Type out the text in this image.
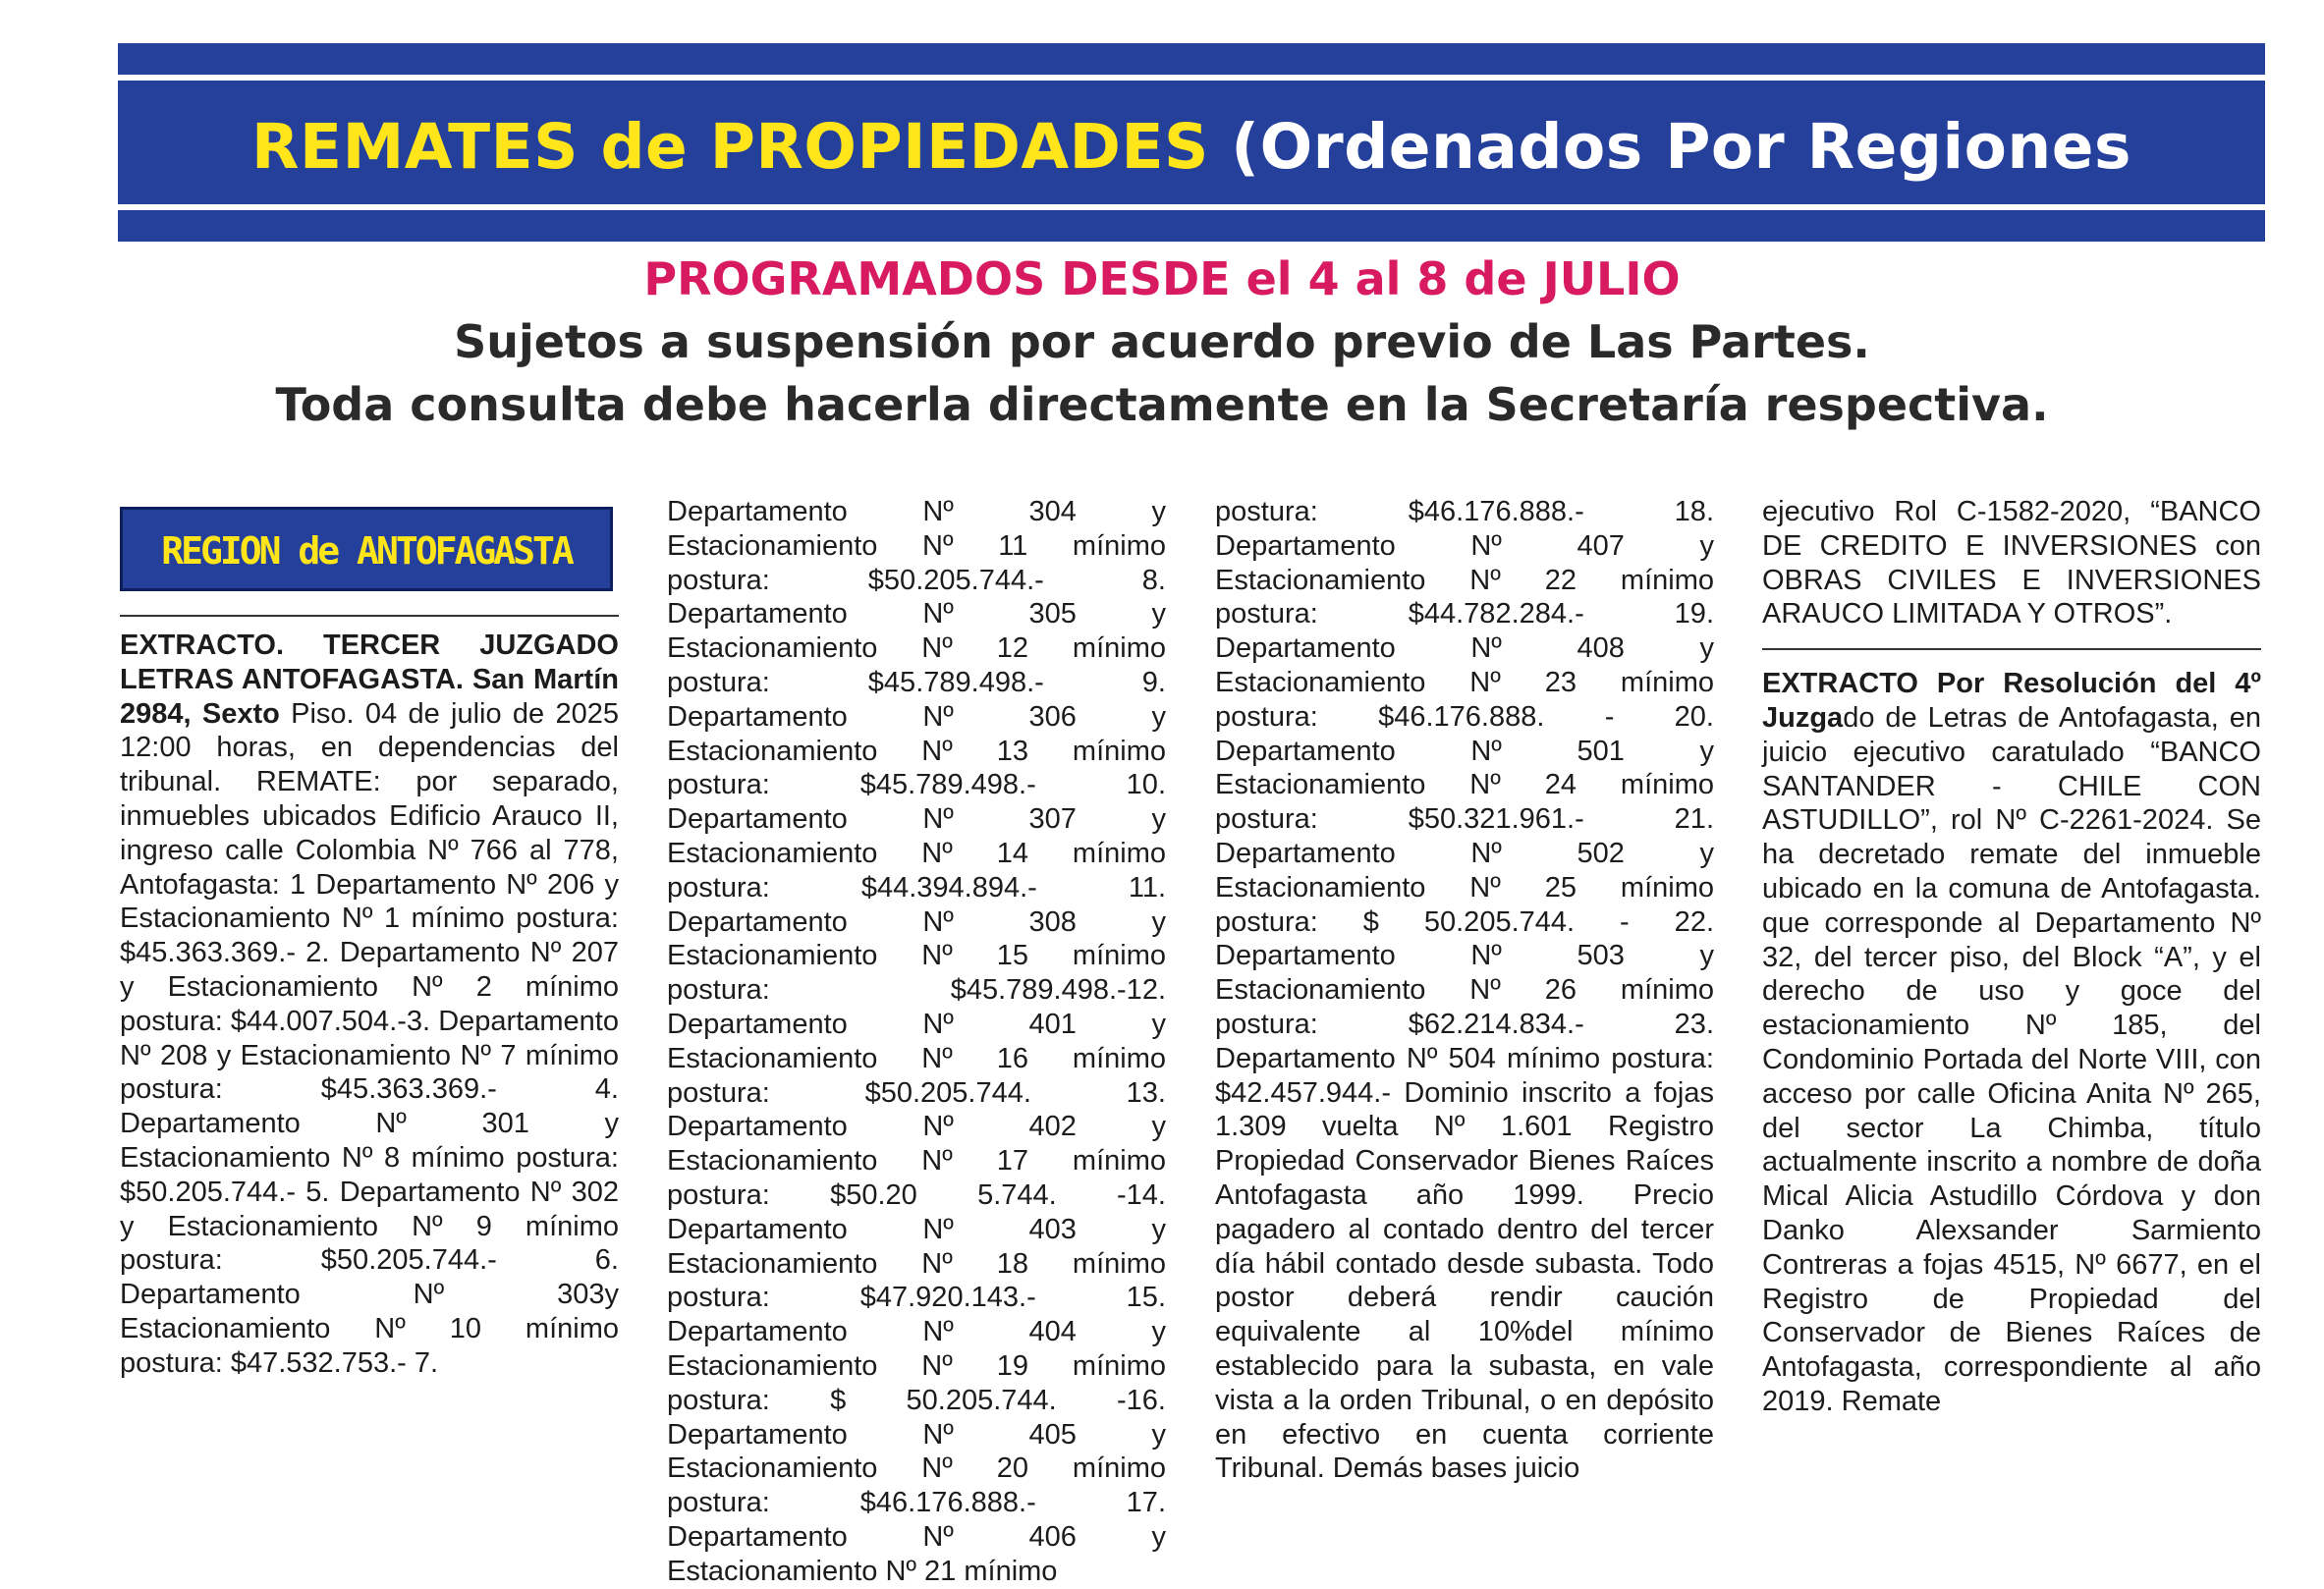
REMATES de PROPIEDADES (Ordenados Por Regiones
PROGRAMADOS DESDE el 4 al 8 de JULIO
Sujetos a suspensión por acuerdo previo de Las Partes.
Toda consulta debe hacerla directamente en la Secretaría respectiva.
REGION de ANTOFAGASTA

EXTRACTO. TERCER JUZGADO LETRAS ANTOFAGASTA. San Martín 2984, Sexto Piso. 04 de julio de 2025 12:00 horas, en dependencias del tribunal. REMATE: por separado, inmuebles ubicados Edificio Arauco II, ingreso calle Colombia Nº 766 al 778, Antofagasta: 1 Departamento Nº 206 y Estacionamiento Nº 1 mínimo postura: $45.363.369.- 2. Departamento Nº 207 y Estacionamiento Nº 2 mínimo postura: $44.007.504.-3. Departamento Nº 208 y Estacionamiento Nº 7 mínimo postura: $45.363.369.- 4. Departamento Nº 301 y Estacionamiento Nº 8 mínimo postura: $50.205.744.- 5. Departamento Nº 302 y Estacionamiento Nº 9 mínimo postura: $50.205.744.- 6. Departamento Nº 303y Estacionamiento Nº 10 mínimo postura: $47.532.753.- 7.

Departamento Nº 304 y Estacionamiento Nº 11 mínimo postura: $50.205.744.- 8. Departamento Nº 305 y Estacionamiento Nº 12 mínimo postura: $45.789.498.- 9. Departamento Nº 306 y Estacionamiento Nº 13 mínimo postura: $45.789.498.- 10. Departamento Nº 307 y Estacionamiento Nº 14 mínimo postura: $44.394.894.- 11. Departamento Nº 308 y Estacionamiento Nº 15 mínimo postura: $45.789.498.-12. Departamento Nº 401 y Estacionamiento Nº 16 mínimo postura: $50.205.744. 13. Departamento Nº 402 y Estacionamiento Nº 17 mínimo postura: $50.20 5.744. -14. Departamento Nº 403 y Estacionamiento Nº 18 mínimo postura: $47.920.143.- 15. Departamento Nº 404 y Estacionamiento Nº 19 mínimo postura: $ 50.205.744. -16. Departamento Nº 405 y Estacionamiento Nº 20 mínimo postura: $46.176.888.- 17. Departamento Nº 406 y Estacionamiento Nº 21 mínimo

postura: $46.176.888.- 18. Departamento Nº 407 y Estacionamiento Nº 22 mínimo postura: $44.782.284.- 19. Departamento Nº 408 y Estacionamiento Nº 23 mínimo postura: $46.176.888. - 20. Departamento Nº 501 y Estacionamiento Nº 24 mínimo postura: $50.321.961.- 21. Departamento Nº 502 y Estacionamiento Nº 25 mínimo postura: $ 50.205.744. - 22. Departamento Nº 503 y Estacionamiento Nº 26 mínimo postura: $62.214.834.- 23. Departamento Nº 504 mínimo postura: $42.457.944.- Dominio inscrito a fojas 1.309 vuelta Nº 1.601 Registro Propiedad Conservador Bienes Raíces Antofagasta año 1999. Precio pagadero al contado dentro del tercer día hábil contado desde subasta. Todo postor deberá rendir caución equivalente al 10%del mínimo establecido para la subasta, en vale vista a la orden Tribunal, o en depósito en efectivo en cuenta corriente Tribunal. Demás bases juicio

ejecutivo Rol C-1582-2020, “BANCO DE CREDITO E INVERSIONES con OBRAS CIVILES E INVERSIONES ARAUCO LIMITADA Y OTROS”.

EXTRACTO Por Resolución del 4º Juzgado de Letras de Antofagasta, en juicio ejecutivo caratulado “BANCO SANTANDER - CHILE CON ASTUDILLO”, rol Nº C-2261-2024. Se ha decretado remate del inmueble ubicado en la comuna de Antofagasta. que corresponde al Departamento Nº 32, del tercer piso, del Block “A”, y el derecho de uso y goce del estacionamiento Nº 185, del Condominio Portada del Norte VIII, con acceso por calle Oficina Anita Nº 265, del sector La Chimba, título actualmente inscrito a nombre de doña Mical Alicia Astudillo Córdova y don Danko Alexsander Sarmiento Contreras a fojas 4515, Nº 6677, en el Registro de Propiedad del Conservador de Bienes Raíces de Antofagasta, correspondiente al año 2019. Remate
